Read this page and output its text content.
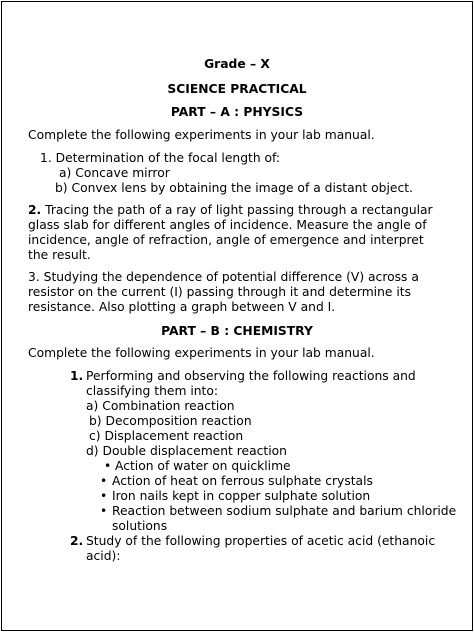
Grade – X
SCIENCE PRACTICAL
PART – A : PHYSICS
Complete the following experiments in your lab manual.
1. Determination of the focal length of:
a) Concave mirror
b) Convex lens by obtaining the image of a distant object.
2. Tracing the path of a ray of light passing through a rectangular
glass slab for different angles of incidence. Measure the angle of
incidence, angle of refraction, angle of emergence and interpret
the result.
3. Studying the dependence of potential difference (V) across a
resistor on the current (I) passing through it and determine its
resistance. Also plotting a graph between V and I.
PART – B : CHEMISTRY
Complete the following experiments in your lab manual.
1. Performing and observing the following reactions and
classifying them into:
a) Combination reaction
b) Decomposition reaction
c) Displacement reaction
d) Double displacement reaction
• Action of water on quicklime
• Action of heat on ferrous sulphate crystals
• Iron nails kept in copper sulphate solution
• Reaction between sodium sulphate and barium chloride
solutions
2. Study of the following properties of acetic acid (ethanoic
acid):
